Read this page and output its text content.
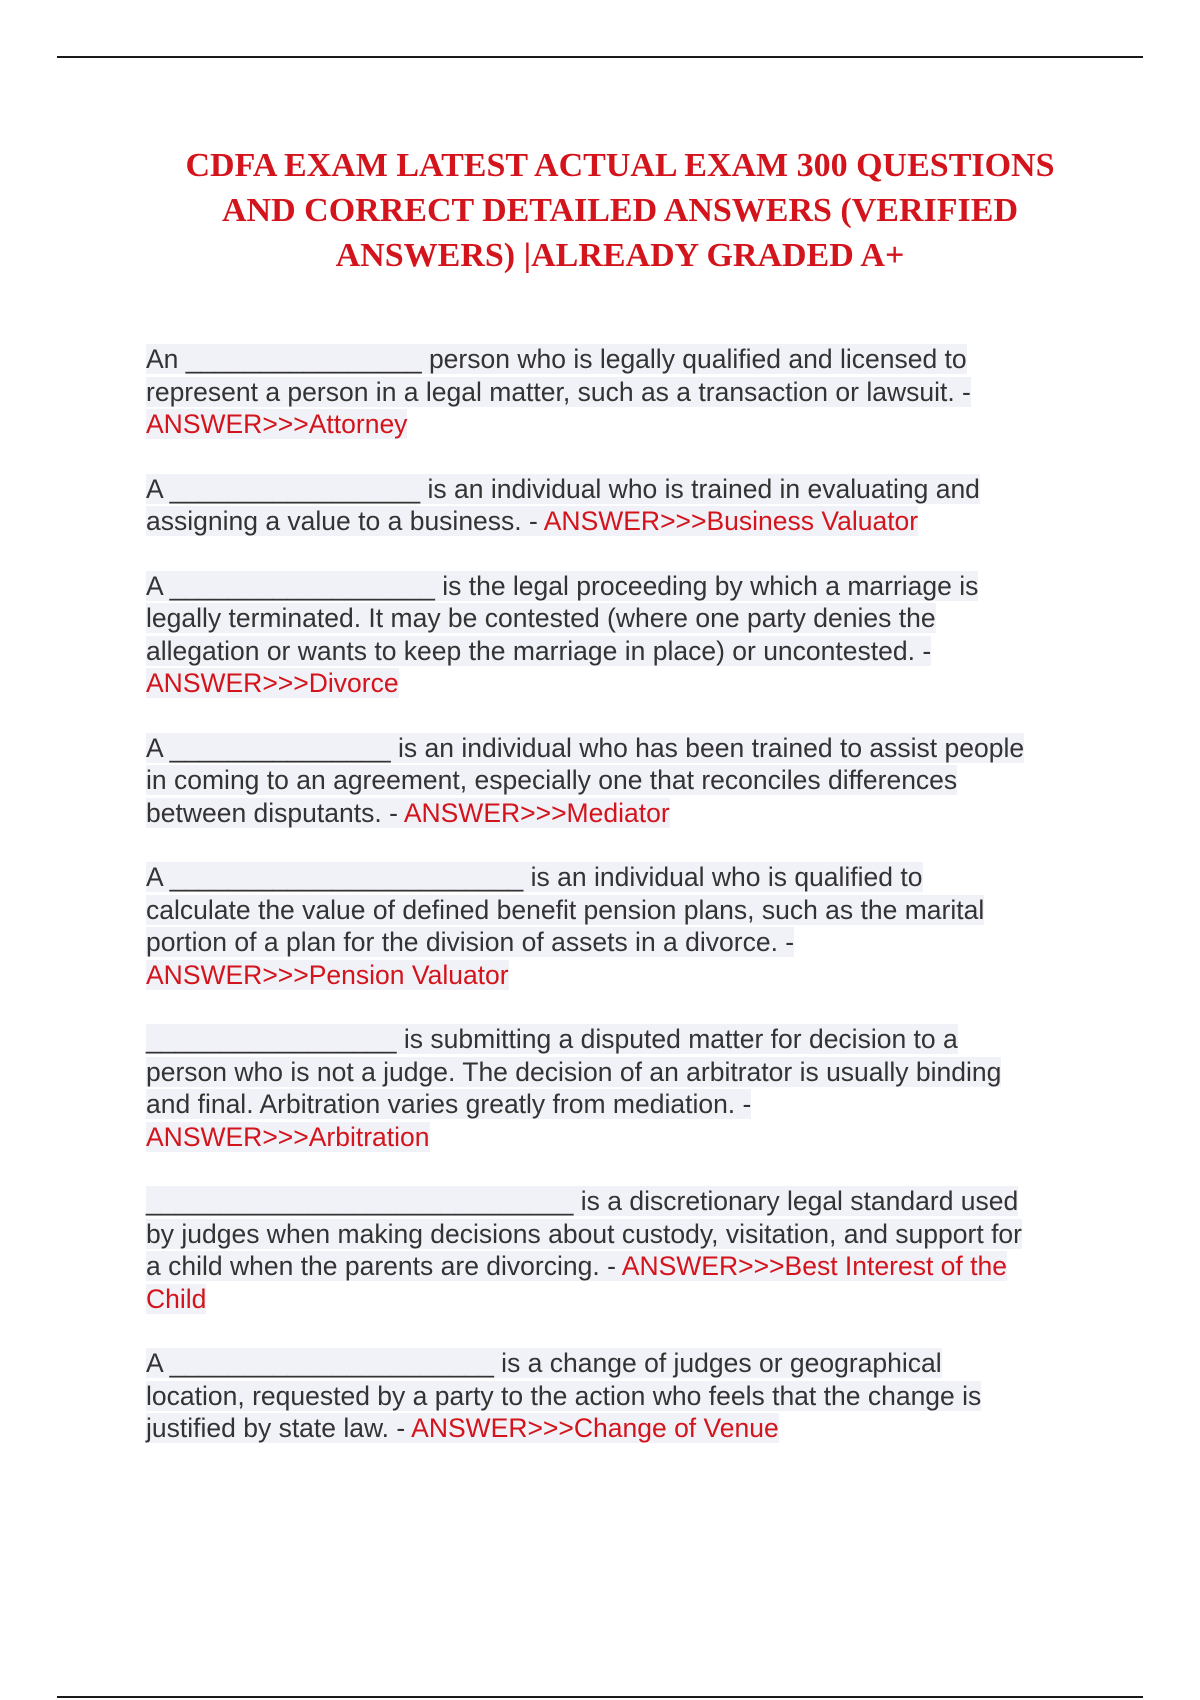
CDFA EXAM LATEST ACTUAL EXAM 300 QUESTIONS
AND CORRECT DETAILED ANSWERS (VERIFIED
ANSWERS) |ALREADY GRADED A+

An ________________ person who is legally qualified and licensed to
represent a person in a legal matter, such as a transaction or lawsuit. -
ANSWER>>>Attorney

A _________________ is an individual who is trained in evaluating and
assigning a value to a business. - ANSWER>>>Business Valuator

A __________________ is the legal proceeding by which a marriage is
legally terminated. It may be contested (where one party denies the
allegation or wants to keep the marriage in place) or uncontested. -
ANSWER>>>Divorce

A _______________ is an individual who has been trained to assist people
in coming to an agreement, especially one that reconciles differences
between disputants. - ANSWER>>>Mediator

A ________________________ is an individual who is qualified to
calculate the value of defined benefit pension plans, such as the marital
portion of a plan for the division of assets in a divorce. -
ANSWER>>>Pension Valuator

_________________ is submitting a disputed matter for decision to a
person who is not a judge. The decision of an arbitrator is usually binding
and final. Arbitration varies greatly from mediation. -
ANSWER>>>Arbitration

_____________________________ is a discretionary legal standard used
by judges when making decisions about custody, visitation, and support for
a child when the parents are divorcing. - ANSWER>>>Best Interest of the
Child

A ______________________ is a change of judges or geographical
location, requested by a party to the action who feels that the change is
justified by state law. - ANSWER>>>Change of Venue
